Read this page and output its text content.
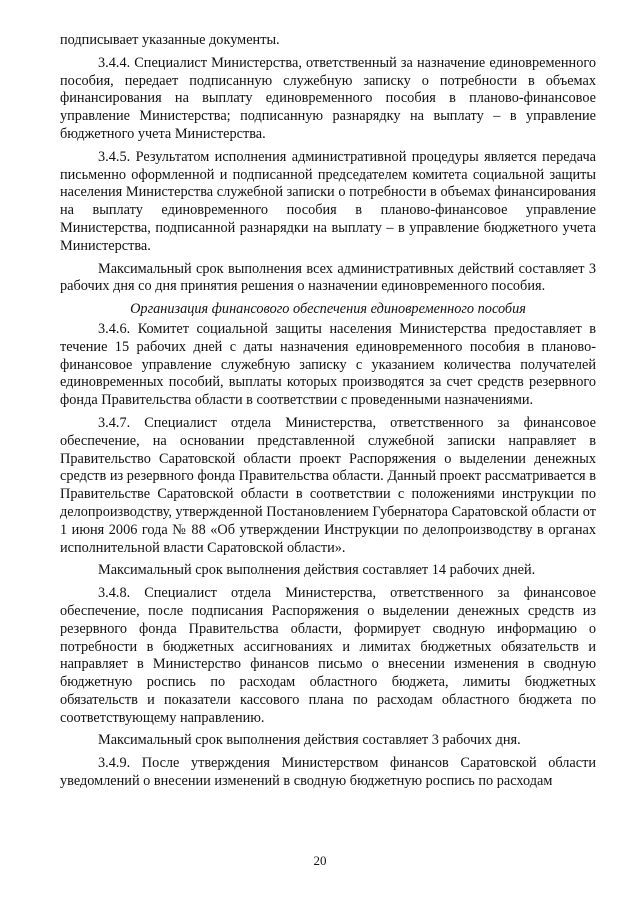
подписывает указанные документы.

3.4.4. Специалист Министерства, ответственный за назначение единовременного пособия, передает подписанную служебную записку о потребности в объемах финансирования на выплату единовременного пособия в планово-финансовое управление Министерства; подписанную разнарядку на выплату – в управление бюджетного учета Министерства.

3.4.5. Результатом исполнения административной процедуры является передача письменно оформленной и подписанной председателем комитета социальной защиты населения Министерства служебной записки о потребности в объемах финансирования на выплату единовременного пособия в планово-финансовое управление Министерства, подписанной разнарядки на выплату – в управление бюджетного учета Министерства.

Максимальный срок выполнения всех административных действий составляет 3 рабочих дня со дня принятия решения о назначении единовременного пособия.

Организация финансового обеспечения единовременного пособия

3.4.6. Комитет социальной защиты населения Министерства предоставляет в течение 15 рабочих дней с даты назначения единовременного пособия в планово-финансовое управление служебную записку с указанием количества получателей единовременных пособий, выплаты которых производятся за счет средств резервного фонда Правительства области в соответствии с проведенными назначениями.

3.4.7. Специалист отдела Министерства, ответственного за финансовое обеспечение, на основании представленной служебной записки направляет в Правительство Саратовской области проект Распоряжения о выделении денежных средств из резервного фонда Правительства области. Данный проект рассматривается в Правительстве Саратовской области в соответствии с положениями инструкции по делопроизводству, утвержденной Постановлением Губернатора Саратовской области от 1 июня 2006 года № 88 «Об утверждении Инструкции по делопроизводству в органах исполнительной власти Саратовской области».

Максимальный срок выполнения действия составляет 14 рабочих дней.

3.4.8. Специалист отдела Министерства, ответственного за финансовое обеспечение, после подписания Распоряжения о выделении денежных средств из резервного фонда Правительства области, формирует сводную информацию о потребности в бюджетных ассигнованиях и лимитах бюджетных обязательств и направляет в Министерство финансов письмо о внесении изменения в сводную бюджетную роспись по расходам областного бюджета, лимиты бюджетных обязательств и показатели кассового плана по расходам областного бюджета по соответствующему направлению.

Максимальный срок выполнения действия составляет 3 рабочих дня.

3.4.9. После утверждения Министерством финансов Саратовской области уведомлений о внесении изменений в сводную бюджетную роспись по расходам

20
